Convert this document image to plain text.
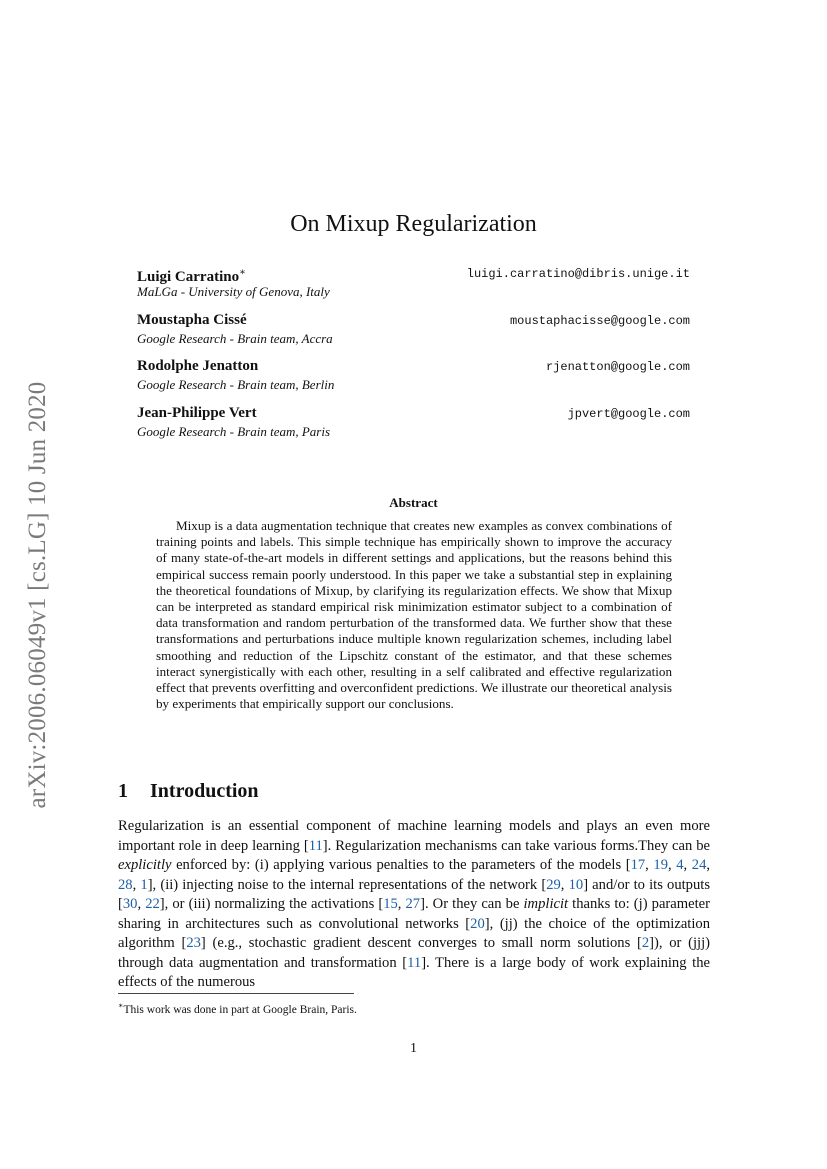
arXiv:2006.06049v1 [cs.LG] 10 Jun 2020
On Mixup Regularization
Luigi Carratino∗
MaLGa - University of Genova, Italy
luigi.carratino@dibris.unige.it
Moustapha Cissé
Google Research - Brain team, Accra
moustaphacisse@google.com
Rodolphe Jenatton
Google Research - Brain team, Berlin
rjenatton@google.com
Jean-Philippe Vert
Google Research - Brain team, Paris
jpvert@google.com
Abstract

Mixup is a data augmentation technique that creates new examples as convex combinations of training points and labels. This simple technique has empirically shown to improve the accuracy of many state-of-the-art models in different settings and applications, but the reasons behind this empirical success remain poorly understood. In this paper we take a substantial step in explaining the theoretical foundations of Mixup, by clarifying its regularization effects. We show that Mixup can be interpreted as standard empirical risk minimization estimator subject to a combination of data transformation and random perturbation of the transformed data. We further show that these transformations and perturbations induce multiple known regularization schemes, including label smoothing and reduction of the Lipschitz constant of the estimator, and that these schemes interact synergistically with each other, resulting in a self calibrated and effective regularization effect that prevents overfitting and overconfident predictions. We illustrate our theoretical analysis by experiments that empirically support our conclusions.

1 Introduction

Regularization is an essential component of machine learning models and plays an even more important role in deep learning [11]. Regularization mechanisms can take various forms.They can be explicitly enforced by: (i) applying various penalties to the parameters of the models [17, 19, 4, 24, 28, 1], (ii) injecting noise to the internal representations of the network [29, 10] and/or to its outputs [30, 22], or (iii) normalizing the activations [15, 27]. Or they can be implicit thanks to: (j) parameter sharing in architectures such as convolutional networks [20], (jj) the choice of the optimization algorithm [23] (e.g., stochastic gradient descent converges to small norm solutions [2]), or (jjj) through data augmentation and transformation [11]. There is a large body of work explaining the effects of the numerous

∗This work was done in part at Google Brain, Paris.
1
